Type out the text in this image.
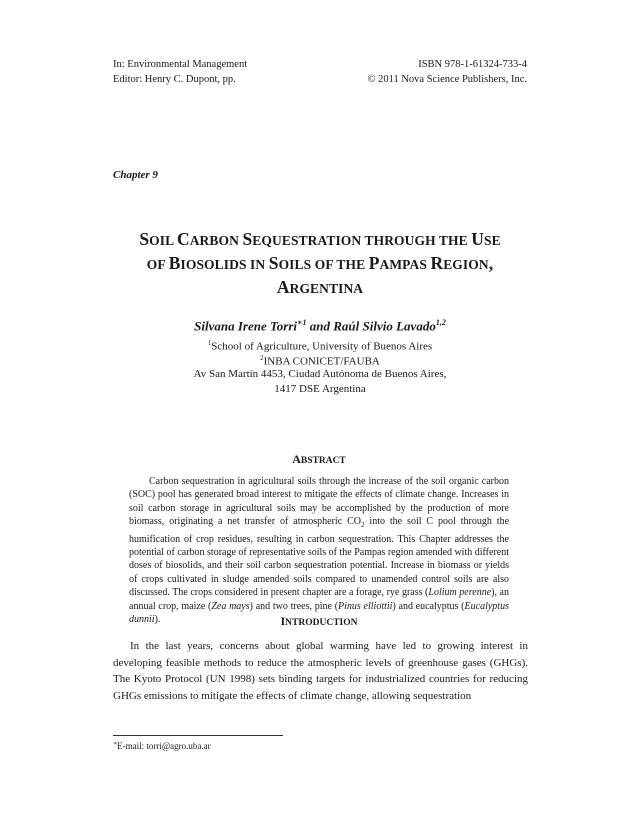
In: Environmental Management
Editor: Henry C. Dupont, pp.
ISBN 978-1-61324-733-4
© 2011 Nova Science Publishers, Inc.
Chapter 9
SOIL CARBON SEQUESTRATION THROUGH THE USE
OF BIOSOLIDS IN SOILS OF THE PAMPAS REGION,
ARGENTINA
Silvana Irene Torri$^{∗1}$ and Raúl Silvio Lavado$^{1,2}$
$^1$School of Agriculture, University of Buenos Aires
$^2$INBA CONICET/FAUBA
Av San Martín 4453, Ciudad Autónoma de Buenos Aires,
1417 DSE Argentina
ABSTRACT

Carbon sequestration in agricultural soils through the increase of the soil organic carbon (SOC) pool has generated broad interest to mitigate the effects of climate change. Increases in soil carbon storage in agricultural soils may be accomplished by the production of more biomass, originating a net transfer of atmospheric $CO_2$ into the soil C pool through the humification of crop residues, resulting in carbon sequestration. This Chapter addresses the potential of carbon storage of representative soils of the Pampas region amended with different doses of biosolids, and their soil carbon sequestration potential. Increase in biomass or yields of crops cultivated in sludge amended soils compared to unamended control soils are also discussed. The crops considered in present chapter are a forage, rye grass (Lolium perenne), an annual crop, maize (Zea mays) and two trees, pine (Pinus elliottii) and eucalyptus (Eucalyptus dunnii).	INTRODUCTION

In the last years, concerns about global warming have led to growing interest in developing feasible methods to reduce the atmospheric levels of greenhouse gases (GHGs). The Kyoto Protocol (UN 1998) sets binding targets for industrialized countries for reducing GHGs emissions to mitigate the effects of climate change, allowing sequestration

∗E-mail: torri@agro.uba.ar
